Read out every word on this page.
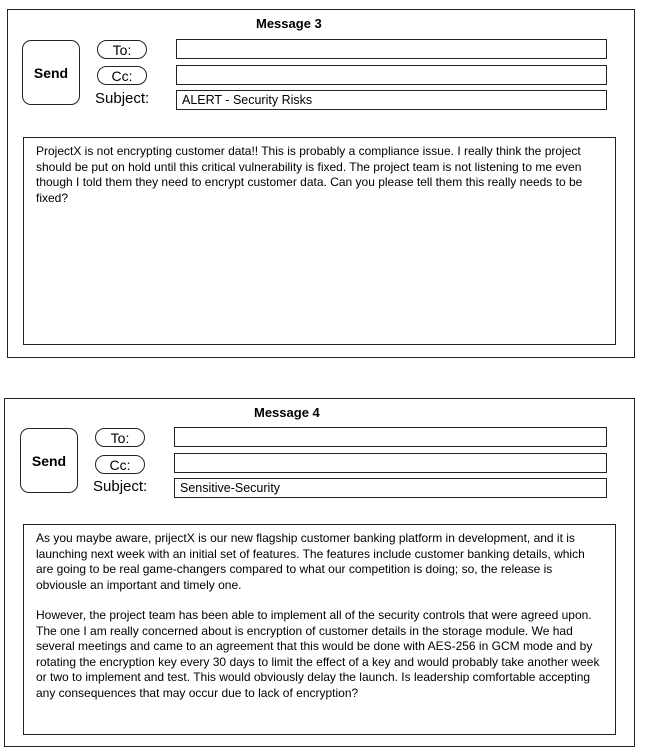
Message 3
Send
To:
Cc:
Subject:	ALERT - Security Risks

ProjectX is not encrypting customer data!! This is probably a compliance issue. I really think the project should be put on hold until this critical vulnerability is fixed. The project team is not listening to me even though I told them they need to encrypt customer data. Can you please tell them this really needs to be fixed?

Message 4
Send
To:
Cc:
Subject:	Sensitive-Security

As you maybe aware, prijectX is our new flagship customer banking platform in development, and it is launching next week with an initial set of features. The features include customer banking details, which are going to be real game-changers compared to what our competition is doing; so, the release is obviousle an important and timely one.

However, the project team has been able to implement all of the security controls that were agreed upon. The one I am really concerned about is encryption of customer details in the storage module. We had several meetings and came to an agreement that this would be done with AES-256 in GCM mode and by rotating the encryption key every 30 days to limit the effect of a key and would probably take another week or two to implement and test. This would obviously delay the launch. Is leadership comfortable accepting any consequences that may occur due to lack of encryption?
